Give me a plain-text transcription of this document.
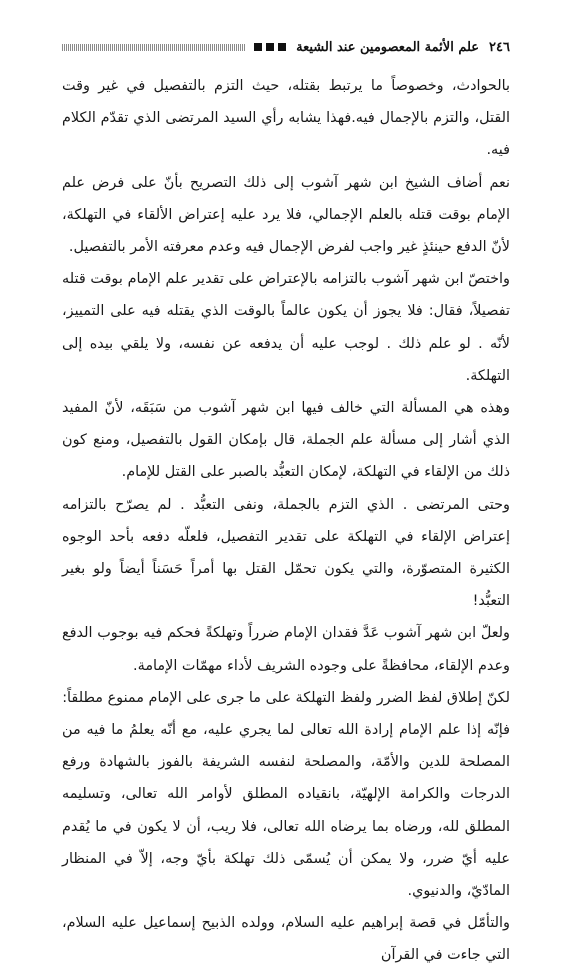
٢٤٦
علم الأئمة المعصومين عند الشيعة

بالحوادث، وخصوصاً ما يرتبط بقتله، حيث التزم بالتفصيل في غير وقت القتل، والتزم بالإجمال فيه.فهذا يشابه رأي السيد المرتضى الذي تقدّم الكلام فيه.

نعم أضاف الشيخ ابن شهر آشوب إلى ذلك التصريح بأنّ على فرض علم الإمام بوقت قتله بالعلم الإجمالي، فلا يرد عليه إعتراض الألقاء في التهلكة، لأنّ الدفع حينئذٍ غير واجب لفرض الإجمال فيه وعدم معرفته الأمر بالتفصيل.

واختصّ ابن شهر آشوب بالتزامه بالإعتراض على تقدير علم الإمام بوقت قتله تفصيلاً، فقال: فلا يجوز أن يكون عالماً بالوقت الذي يقتله فيه على التمييز، لأنّه . لو علم ذلك . لوجب عليه أن يدفعه عن نفسه، ولا يلقي بيده إلى التهلكة.

وهذه هي المسألة التي خالف فيها ابن شهر آشوب من سَبَقَه، لأنّ المفيد الذي أشار إلى مسألة علم الجملة، قال بإمكان القول بالتفصيل، ومنع كون ذلك من الإلقاء في التهلكة، لإمكان التعبُّد بالصبر على القتل للإمام.

وحتى المرتضى . الذي التزم بالجملة، ونفى التعبُّد . لم يصرّح بالتزامه إعتراض الإلقاء في التهلكة على تقدير التفصيل، فلعلّه دفعه بأحد الوجوه الكثيرة المتصوّرة، والتي يكون تحمّل القتل بها أمراً حَسَناً أيضاً ولو بغير التعبُّد!

ولعلّ ابن شهر آشوب عَدَّ فقدان الإمام ضرراً وتهلكةً فحكم فيه بوجوب الدفع وعدم الإلقاء، محافظةً على وجوده الشريف لأداء مهمّات الإمامة.

لكنّ إطلاق لفظ الضرر ولفظ التهلكة على ما جرى على الإمام ممنوع مطلقاً:

فإنّه إذا علم الإمام إرادة الله تعالى لما يجري عليه، مع أنّه يعلمُ ما فيه من المصلحة للدين والأمّة، والمصلحة لنفسه الشريفة بالفوز بالشهادة ورفع الدرجات والكرامة الإلهيّة، بانقياده المطلق لأوامر الله تعالى، وتسليمه المطلق لله، ورضاه بما يرضاه الله تعالى، فلا ريب، أن لا يكون في ما يُقدم عليه أيّ ضرر، ولا يمكن أن يُسمّى ذلك تهلكة بأيّ وجه، إلاّ في المنظار المادّيّ، والدنيوي.

والتأمّل في قصة إبراهيم عليه السلام، وولده الذبيح إسماعيل عليه السلام، التي جاءت في القرآن
